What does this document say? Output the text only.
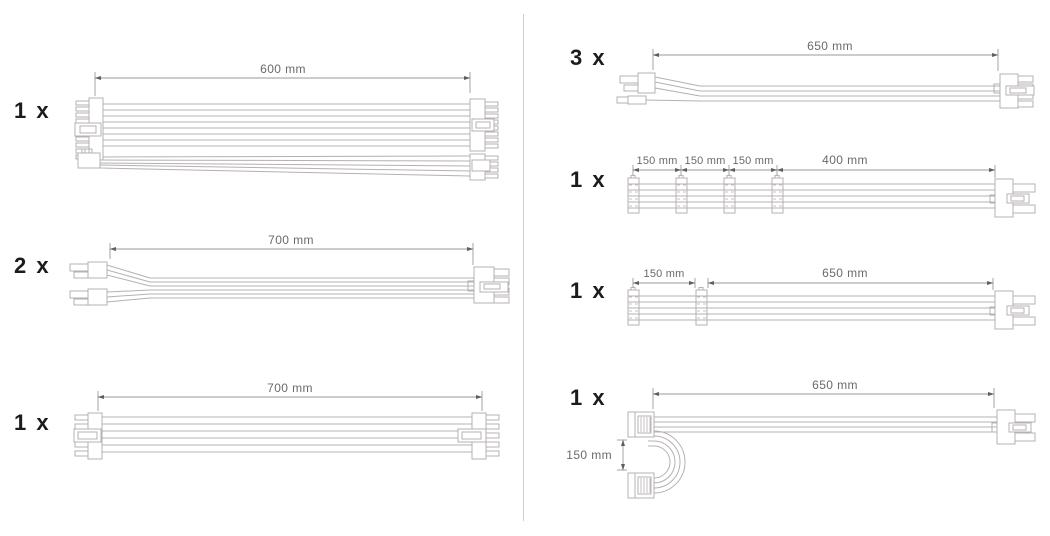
1 x
600 mm
2 x
700 mm
1 x
700 mm
3 x	650 mm
1 x
150 mm 150 mm 150 mm	400 mm
1 x
150 mm	650 mm
1 x	650 mm
150 mm
